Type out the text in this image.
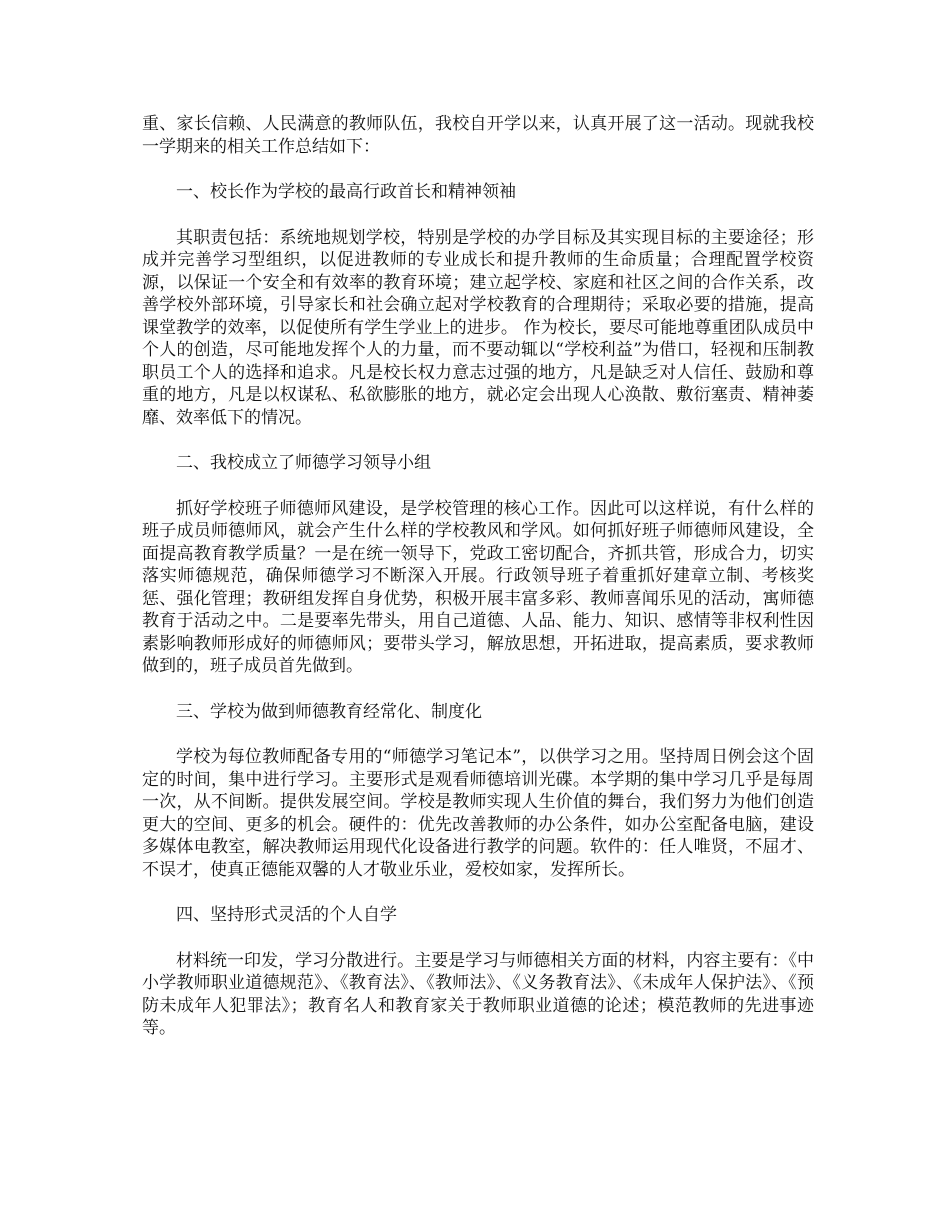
重、家长信赖、人民满意的教师队伍，我校自开学以来，认真开展了这一活动。现就我校一学期来的相关工作总结如下：

一、校长作为学校的最高行政首长和精神领袖

其职责包括：系统地规划学校，特别是学校的办学目标及其实现目标的主要途径；形成并完善学习型组织，以促进教师的专业成长和提升教师的生命质量；合理配置学校资源，以保证一个安全和有效率的教育环境；建立起学校、家庭和社区之间的合作关系，改善学校外部环境，引导家长和社会确立起对学校教育的合理期待；采取必要的措施，提高课堂教学的效率，以促使所有学生学业上的进步。 作为校长，要尽可能地尊重团队成员中个人的创造，尽可能地发挥个人的力量，而不要动辄以“学校利益”为借口，轻视和压制教职员工个人的选择和追求。凡是校长权力意志过强的地方，凡是缺乏对人信任、鼓励和尊重的地方，凡是以权谋私、私欲膨胀的地方，就必定会出现人心涣散、敷衍塞责、精神萎靡、效率低下的情况。

二、我校成立了师德学习领导小组

抓好学校班子师德师风建设，是学校管理的核心工作。因此可以这样说，有什么样的班子成员师德师风，就会产生什么样的学校教风和学风。如何抓好班子师德师风建设，全面提高教育教学质量？一是在统一领导下，党政工密切配合，齐抓共管，形成合力，切实落实师德规范，确保师德学习不断深入开展。行政领导班子着重抓好建章立制、考核奖惩、强化管理；教研组发挥自身优势，积极开展丰富多彩、教师喜闻乐见的活动，寓师德教育于活动之中。二是要率先带头，用自己道德、人品、能力、知识、感情等非权利性因素影响教师形成好的师德师风；要带头学习，解放思想，开拓进取，提高素质，要求教师做到的，班子成员首先做到。

三、学校为做到师德教育经常化、制度化

学校为每位教师配备专用的“师德学习笔记本”，以供学习之用。坚持周日例会这个固定的时间，集中进行学习。主要形式是观看师德培训光碟。本学期的集中学习几乎是每周一次，从不间断。提供发展空间。学校是教师实现人生价值的舞台，我们努力为他们创造更大的空间、更多的机会。硬件的：优先改善教师的办公条件，如办公室配备电脑，建设多媒体电教室，解决教师运用现代化设备进行教学的问题。软件的：任人唯贤，不屈才、不误才，使真正德能双馨的人才敬业乐业，爱校如家，发挥所长。

四、坚持形式灵活的个人自学

材料统一印发，学习分散进行。主要是学习与师德相关方面的材料，内容主要有：《中小学教师职业道德规范》、《教育法》、《教师法》、《义务教育法》、《未成年人保护法》、《预防未成年人犯罪法》；教育名人和教育家关于教师职业道德的论述；模范教师的先进事迹等。
